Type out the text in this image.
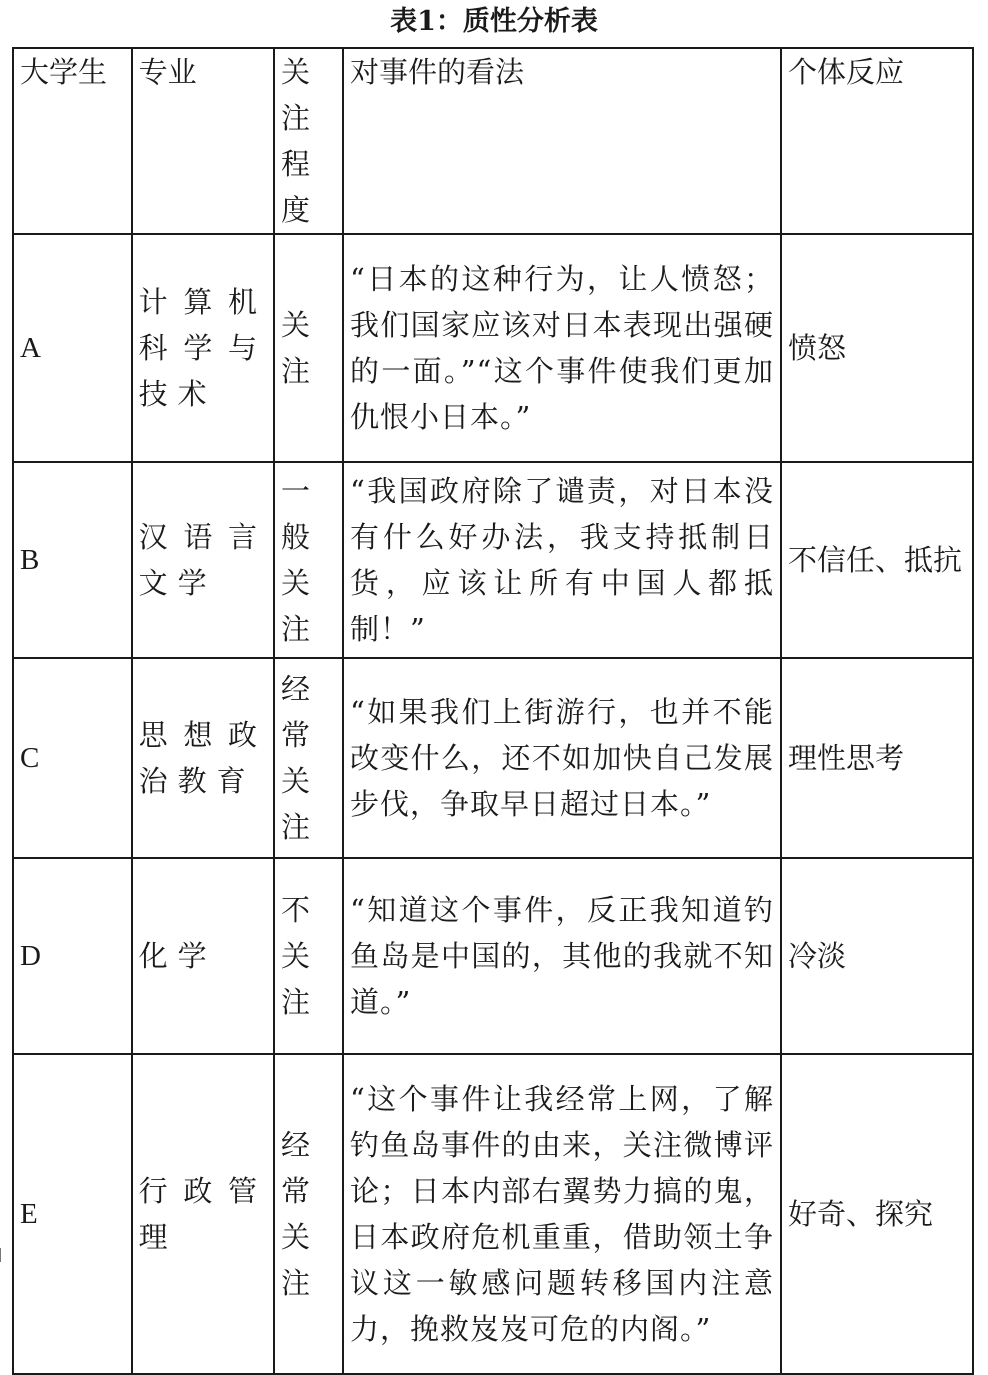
表1：质性分析表
大学生	专业	关注程度	对事件的看法	个体反应
A	计算机科学与技术	关注	“日本的这种行为，让人愤怒；我们国家应该对日本表现出强硬的一面。”“这个事件使我们更加仇恨小日本。”	愤怒
B	汉语言文学	一般关注	“我国政府除了谴责，对日本没有什么好办法，我支持抵制日货，应该让所有中国人都抵制！”	不信任、抵抗
C	思想政治教育	经常关注	“如果我们上街游行，也并不能改变什么，还不如加快自己发展步伐，争取早日超过日本。”	理性思考
D	化学	不关注	“知道这个事件，反正我知道钓鱼岛是中国的，其他的我就不知道。”	冷淡
E	行政管理	经常关注	“这个事件让我经常上网，了解钓鱼岛事件的由来，关注微博评论；日本内部右翼势力搞的鬼，日本政府危机重重，借助领土争议这一敏感问题转移国内注意力，挽救岌岌可危的内阁。”	好奇、探究
